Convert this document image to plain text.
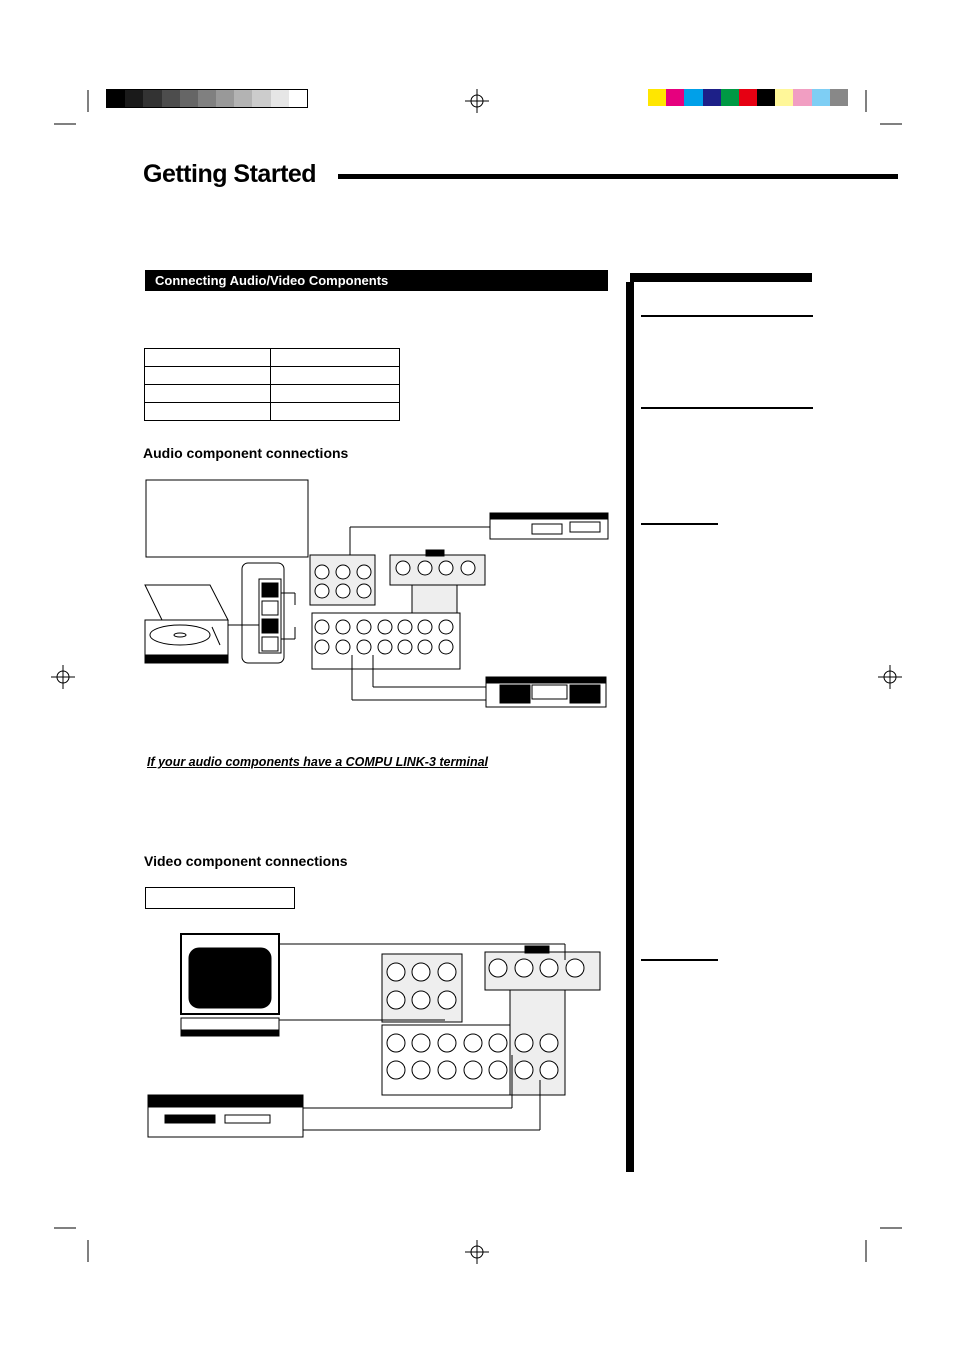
Getting Started
Connecting Audio/Video Components

Audio component connections
If your audio components have a COMPU LINK-3 terminal
Video component connections
